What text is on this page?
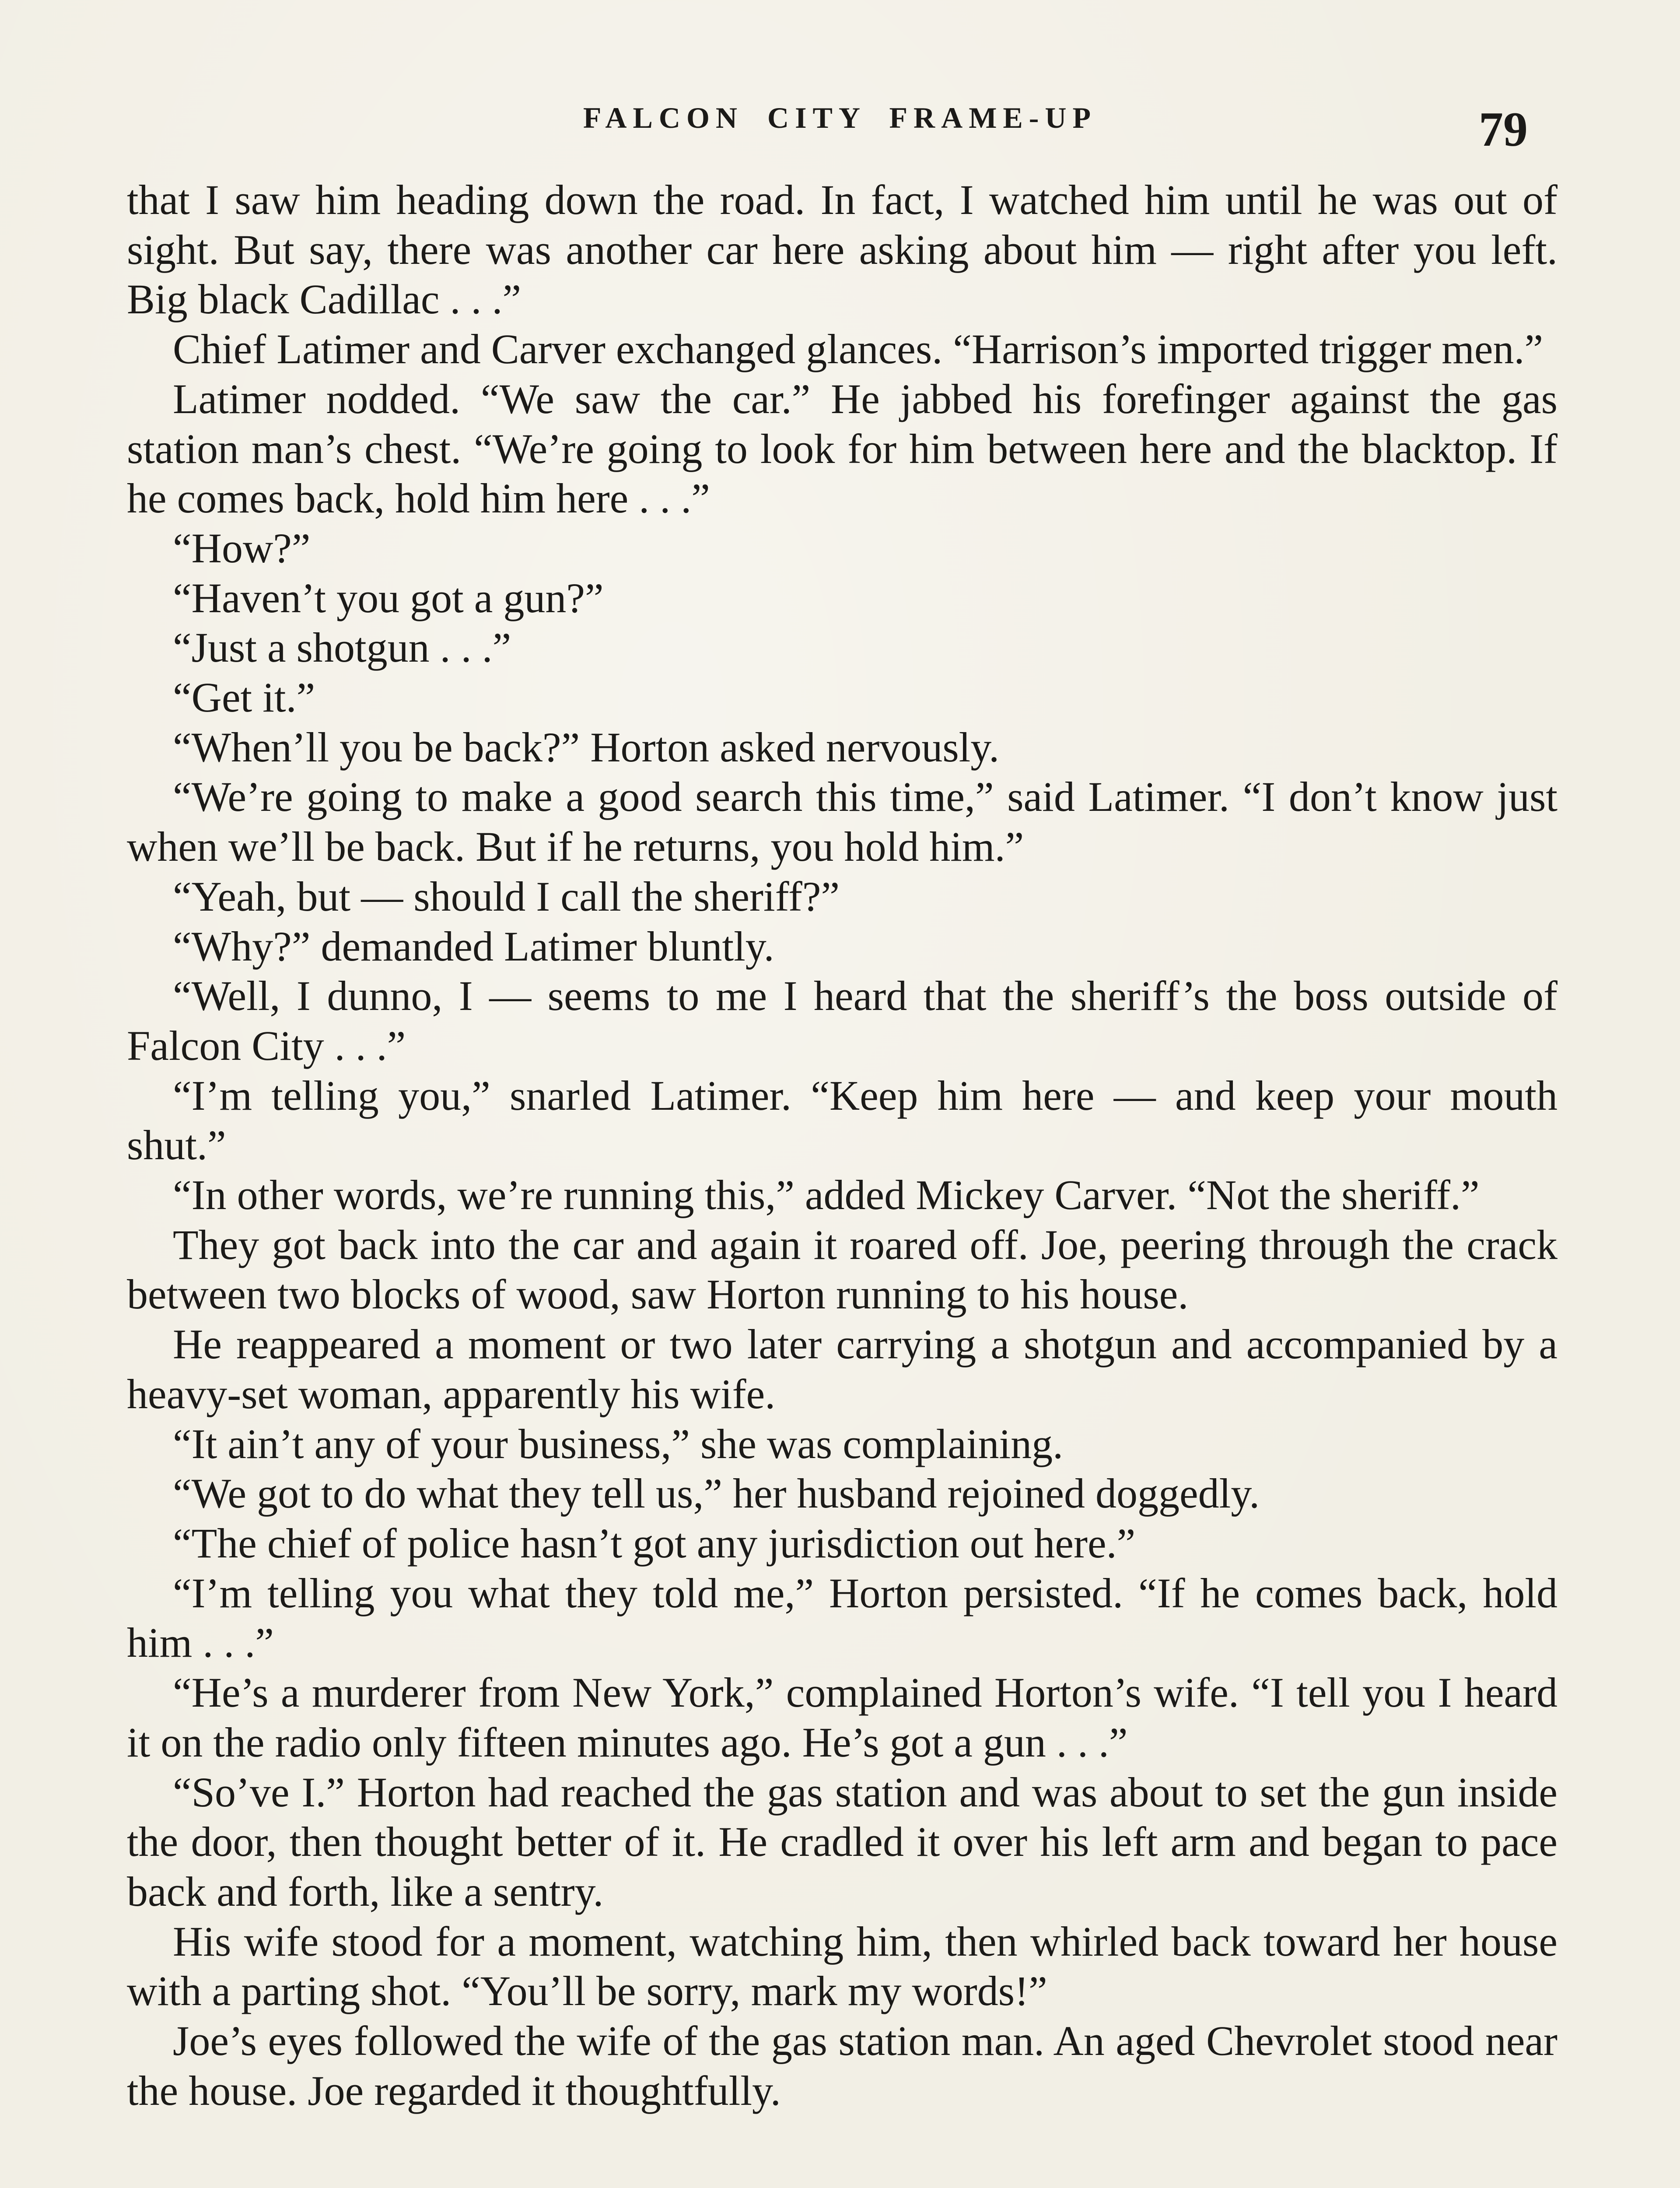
FALCON CITY FRAME-UP	79

that I saw him heading down the road. In fact, I watched him until he was out of sight. But say, there was another car here asking about him — right after you left. Big black Cadillac . . .”

Chief Latimer and Carver exchanged glances. “Harrison’s imported trigger men.”

Latimer nodded. “We saw the car.” He jabbed his forefinger against the gas station man’s chest. “We’re going to look for him between here and the blacktop. If he comes back, hold him here . . .”

“How?”

“Haven’t you got a gun?”

“Just a shotgun . . .”

“Get it.”

“When’ll you be back?” Horton asked nervously.

“We’re going to make a good search this time,” said Latimer. “I don’t know just when we’ll be back. But if he returns, you hold him.”

“Yeah, but — should I call the sheriff?”

“Why?” demanded Latimer bluntly.

“Well, I dunno, I — seems to me I heard that the sheriff’s the boss outside of Falcon City . . .”

“I’m telling you,” snarled Latimer. “Keep him here — and keep your mouth shut.”

“In other words, we’re running this,” added Mickey Carver. “Not the sheriff.”

They got back into the car and again it roared off. Joe, peering through the crack between two blocks of wood, saw Horton running to his house.

He reappeared a moment or two later carrying a shotgun and accompanied by a heavy-set woman, apparently his wife.

“It ain’t any of your business,” she was complaining.

“We got to do what they tell us,” her husband rejoined doggedly.

“The chief of police hasn’t got any jurisdiction out here.”

“I’m telling you what they told me,” Horton persisted. “If he comes back, hold him . . .”

“He’s a murderer from New York,” complained Horton’s wife. “I tell you I heard it on the radio only fifteen minutes ago. He’s got a gun . . .”

“So’ve I.” Horton had reached the gas station and was about to set the gun inside the door, then thought better of it. He cradled it over his left arm and began to pace back and forth, like a sentry.

His wife stood for a moment, watching him, then whirled back toward her house with a parting shot. “You’ll be sorry, mark my words!”

Joe’s eyes followed the wife of the gas station man. An aged Chevrolet stood near the house. Joe regarded it thoughtfully.
